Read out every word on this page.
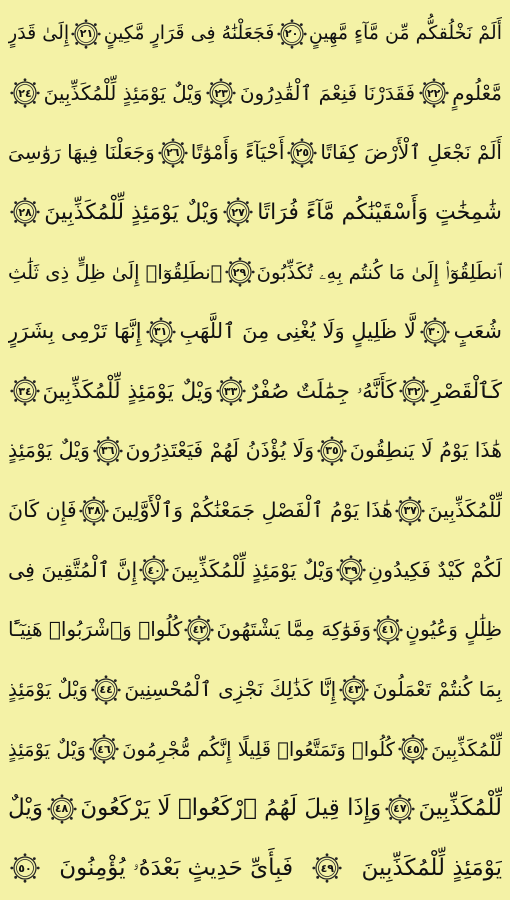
أَلَمْ نَخْلُقكُّم مِّن مَّآءٍ مَّهِينٍ
٢٠
فَجَعَلْنَٰهُ فِى قَرَارٍ مَّكِينٍ
٢١
إِلَىٰ قَدَرٍ
مَّعْلُومٍ
٢٢
فَقَدَرْنَا فَنِعْمَ ٱلْقَٰدِرُونَ
٢٣
وَيْلٌ يَوْمَئِذٍ لِّلْمُكَذِّبِينَ
٢٤
أَلَمْ نَجْعَلِ ٱلْأَرْضَ كِفَاتًا
٢٥
أَحْيَآءً وَأَمْوَٰتًا
٢٦
وَجَعَلْنَا فِيهَا رَوَٰسِىَ
شَٰمِخَٰتٍ وَأَسْقَيْنَٰكُم مَّآءً فُرَاتًا
٢٧
وَيْلٌ يَوْمَئِذٍ لِّلْمُكَذِّبِينَ
٢٨
ٱنطَلِقُوٓا۟ إِلَىٰ مَا كُنتُم بِهِۦ تُكَذِّبُونَ
٢٩
ٱنطَلِقُوٓا۟ إِلَىٰ ظِلٍّ ذِى ثَلَٰثِ
شُعَبٍ
٣٠
لَّا ظَلِيلٍ وَلَا يُغْنِى مِنَ ٱللَّهَبِ
٣١
إِنَّهَا تَرْمِى بِشَرَرٍ
كَٱلْقَصْرِ
٣٢
كَأَنَّهُۥ جِمَٰلَتٌ صُفْرٌ
٣٣
وَيْلٌ يَوْمَئِذٍ لِّلْمُكَذِّبِينَ
٣٤
هَٰذَا يَوْمُ لَا يَنطِقُونَ
٣٥
وَلَا يُؤْذَنُ لَهُمْ فَيَعْتَذِرُونَ
٣٦
وَيْلٌ يَوْمَئِذٍ
لِّلْمُكَذِّبِينَ
٣٧
هَٰذَا يَوْمُ ٱلْفَصْلِ جَمَعْنَٰكُمْ وَٱلْأَوَّلِينَ
٣٨
فَإِن كَانَ
لَكُمْ كَيْدٌ فَكِيدُونِ
٣٩
وَيْلٌ يَوْمَئِذٍ لِّلْمُكَذِّبِينَ
٤٠
إِنَّ ٱلْمُتَّقِينَ فِى
ظِلَٰلٍ وَعُيُونٍ
٤١
وَفَوَٰكِهَ مِمَّا يَشْتَهُونَ
٤٢
كُلُوا۟ وَٱشْرَبُوا۟ هَنِيٓـًٔا
بِمَا كُنتُمْ تَعْمَلُونَ
٤٣
إِنَّا كَذَٰلِكَ نَجْزِى ٱلْمُحْسِنِينَ
٤٤
وَيْلٌ يَوْمَئِذٍ
لِّلْمُكَذِّبِينَ
٤٥
كُلُوا۟ وَتَمَتَّعُوا۟ قَلِيلًا إِنَّكُم مُّجْرِمُونَ
٤٦
وَيْلٌ يَوْمَئِذٍ
لِّلْمُكَذِّبِينَ
٤٧
وَإِذَا قِيلَ لَهُمُ ٱرْكَعُوا۟ لَا يَرْكَعُونَ
٤٨
وَيْلٌ
يَوْمَئِذٍ لِّلْمُكَذِّبِينَ
٤٩
فَبِأَىِّ حَدِيثٍ بَعْدَهُۥ يُؤْمِنُونَ
٥٠
